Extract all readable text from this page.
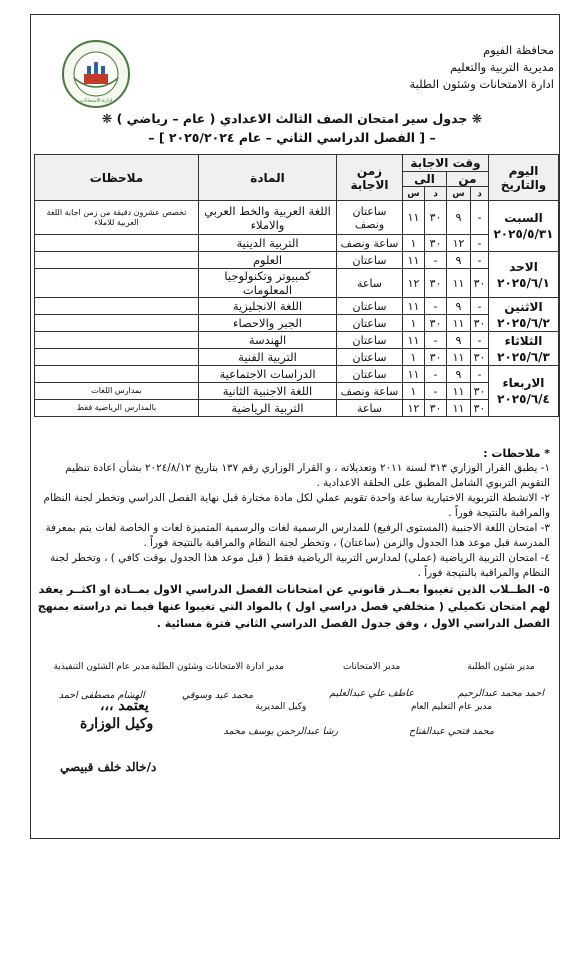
إدارة الامتحانات
محافظة الفيوم
مديرية التربية والتعليم
ادارة الامتحانات وشئون الطلبة
❋ جدول سير امتحان الصف الثالث الاعدادي ( عام – رياضي ) ❋
– [ الفصل الدراسي الثاني – عام ٢٠٢٥/٢٠٢٤ ] –
اليوم والتاريخ	وقت الاجابة				زمن الاجابة	المادة	ملاحظات
	من		الى				
	د	س	د	س			

السبت
٢٠٢٥/٥/٣١	-	٩	٣٠	١١	ساعتان ونصف	اللغة العربية والخط العربي والاملاء	تخصص عشرون دقيقة من زمن اجابة اللغة العربية للاملاء
	-	١٢	٣٠	١	ساعة ونصف	التربية الدينية	

الاحد
٢٠٢٥/٦/١	-	٩	-	١١	ساعتان	العلوم	
	٣٠	١١	٣٠	١٢	ساعة	كمبيوتر وتكنولوجيا المعلومات	

الاثنين
٢٠٢٥/٦/٢	-	٩	-	١١	ساعتان	اللغة الانجليزية	
	٣٠	١١	٣٠	١	ساعتان	الجبر والاحصاء	

الثلاثاء
٢٠٢٥/٦/٣	-	٩	-	١١	ساعتان	الهندسة	
	٣٠	١١	٣٠	١	ساعتان	التربية الفنية	

الاربعاء
٢٠٢٥/٦/٤	-	٩	-	١١	ساعتان	الدراسات الاجتماعية	
	٣٠	١١	-	١	ساعة ونصف	اللغة الاجنبية الثانية	بمدارس اللغات
	٣٠	١١	٣٠	١٢	ساعة	التربية الرياضية	بالمدارس الرياضية فقط

* ملاحظات :

١- يطبق القرار الوزاري ٣١٣ لسنة ٢٠١١ وتعديلاته ، و القرار الوزاري رقم ١٣٧ بتاريخ ٢٠٢٤/٨/١٢ بشأن اعادة تنظيم التقويم التربوي الشامل المطبق على الحلقة الاعدادية .

٢- الانشطة التربوية الاختيارية ساعة واحدة تقويم عملي لكل مادة مختارة قبل نهاية الفصل الدراسي وتخطر لجنة النظام والمراقبة بالنتيجة فوراً .

٣- امتحان اللغة الاجنبية (المستوى الرفيع) للمدارس الرسمية لغات والرسمية المتميزة لغات و الخاصة لغات يتم بمعرفة المدرسة قبل موعد هذا الجدول والزمن (ساعتان) ، وتخطر لجنة النظام والمراقبة بالنتيجة فوراً .

٤- امتحان التربية الرياضية (عملي) لمدارس التربية الرياضية فقط ( قبل موعد هذا الجدول بوقت كافي ) ، وتخطر لجنة النظام والمراقبة بالنتيجة فوراً .

٥- الطــلاب الذين تغيبوا بعــذر قانوني عن امتحانات الفصل الدراسي الاول بمــادة او اكثــر يعقد لهم امتحان تكميلي ( متخلفي فصل دراسي اول ) بالمواد التي تغيبوا عنها فيما تم دراسته بمنهج الفصل الدراسي الاول ، وفق جدول الفصل الدراسي الثاني فترة مسائية .

مدير شئون الطلبة
احمد محمد عبدالرحيم
مدير الامتحانات
عاطف علي عبدالعليم
مدير ادارة الامتحانات وشئون الطلبة
محمد عيد وسوقي
مدير عام الشئون التنفيذية
الهشام مصطفى احمد
مدير عام التعليم العام
محمد فتحي عبدالفتاح
وكيل المديرية
رشا عبدالرحمن يوسف محمد
يعتمد ،،،
وكيل الوزارة
د/خالد خلف قبيصي
